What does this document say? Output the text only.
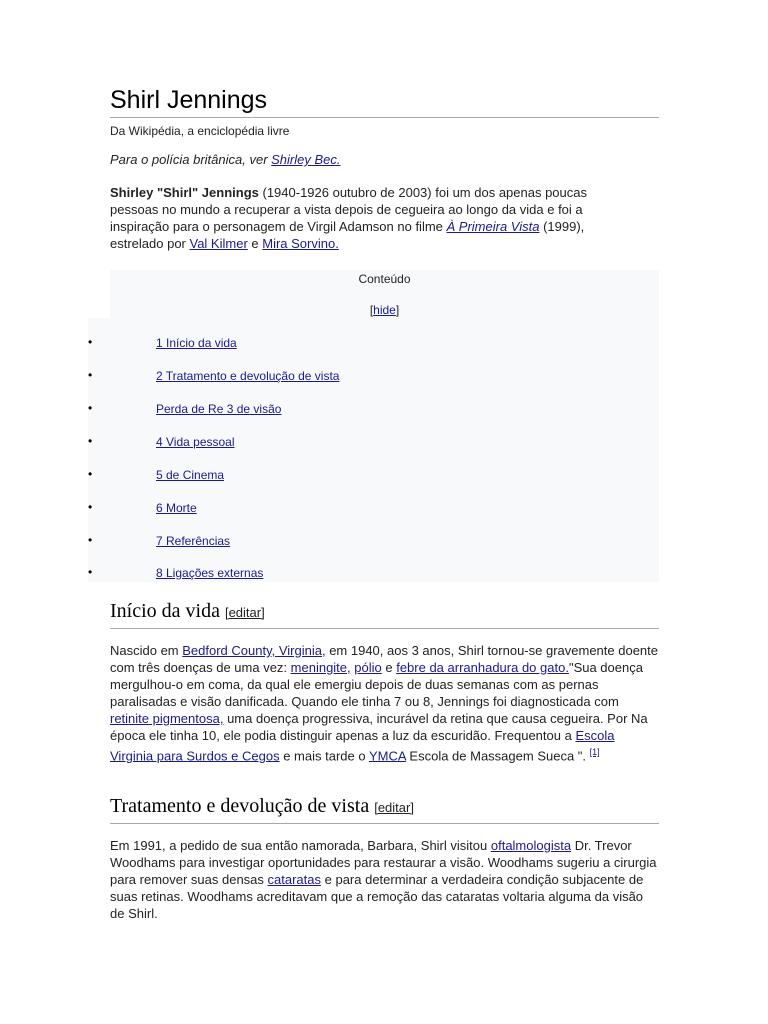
Shirl Jennings
Da Wikipédia, a enciclopédia livre
Para o polícia britânica, ver Shirley Bec.
Shirley "Shirl" Jennings (1940-1926 outubro de 2003) foi um dos apenas poucas pessoas no mundo a recuperar a vista depois de cegueira ao longo da vida e foi a inspiração para o personagem de Virgil Adamson no filme À Primeira Vista (1999), estrelado por Val Kilmer e Mira Sorvino.
Conteúdo
[hide]
Início da vida [editar]
Nascido em Bedford County, Virginia, em 1940, aos 3 anos, Shirl tornou-se gravemente doente com três doenças de uma vez: meningite, pólio e febre da arranhadura do gato."Sua doença mergulhou-o em coma, da qual ele emergiu depois de duas semanas com as pernas paralisadas e visão danificada. Quando ele tinha 7 ou 8, Jennings foi diagnosticada com retinite pigmentosa, uma doença progressiva, incurável da retina que causa cegueira. Por Na época ele tinha 10, ele podia distinguir apenas a luz da escuridão. Frequentou a Escola Virginia para Surdos e Cegos e mais tarde o YMCA Escola de Massagem Sueca ". [1]
Tratamento e devolução de vista [editar]
Em 1991, a pedido de sua então namorada, Barbara, Shirl visitou oftalmologista Dr. Trevor Woodhams para investigar oportunidades para restaurar a visão. Woodhams sugeriu a cirurgia para remover suas densas cataratas e para determinar a verdadeira condição subjacente de suas retinas. Woodhams acreditavam que a remoção das cataratas voltaria alguma da visão de Shirl.
•	1 Início da vida
•	2 Tratamento e devolução de vista
•	Perda de Re 3 de visão
•	4 Vida pessoal
•	5 de Cinema
•	6 Morte
•	7 Referências
•	8 Ligações externas
